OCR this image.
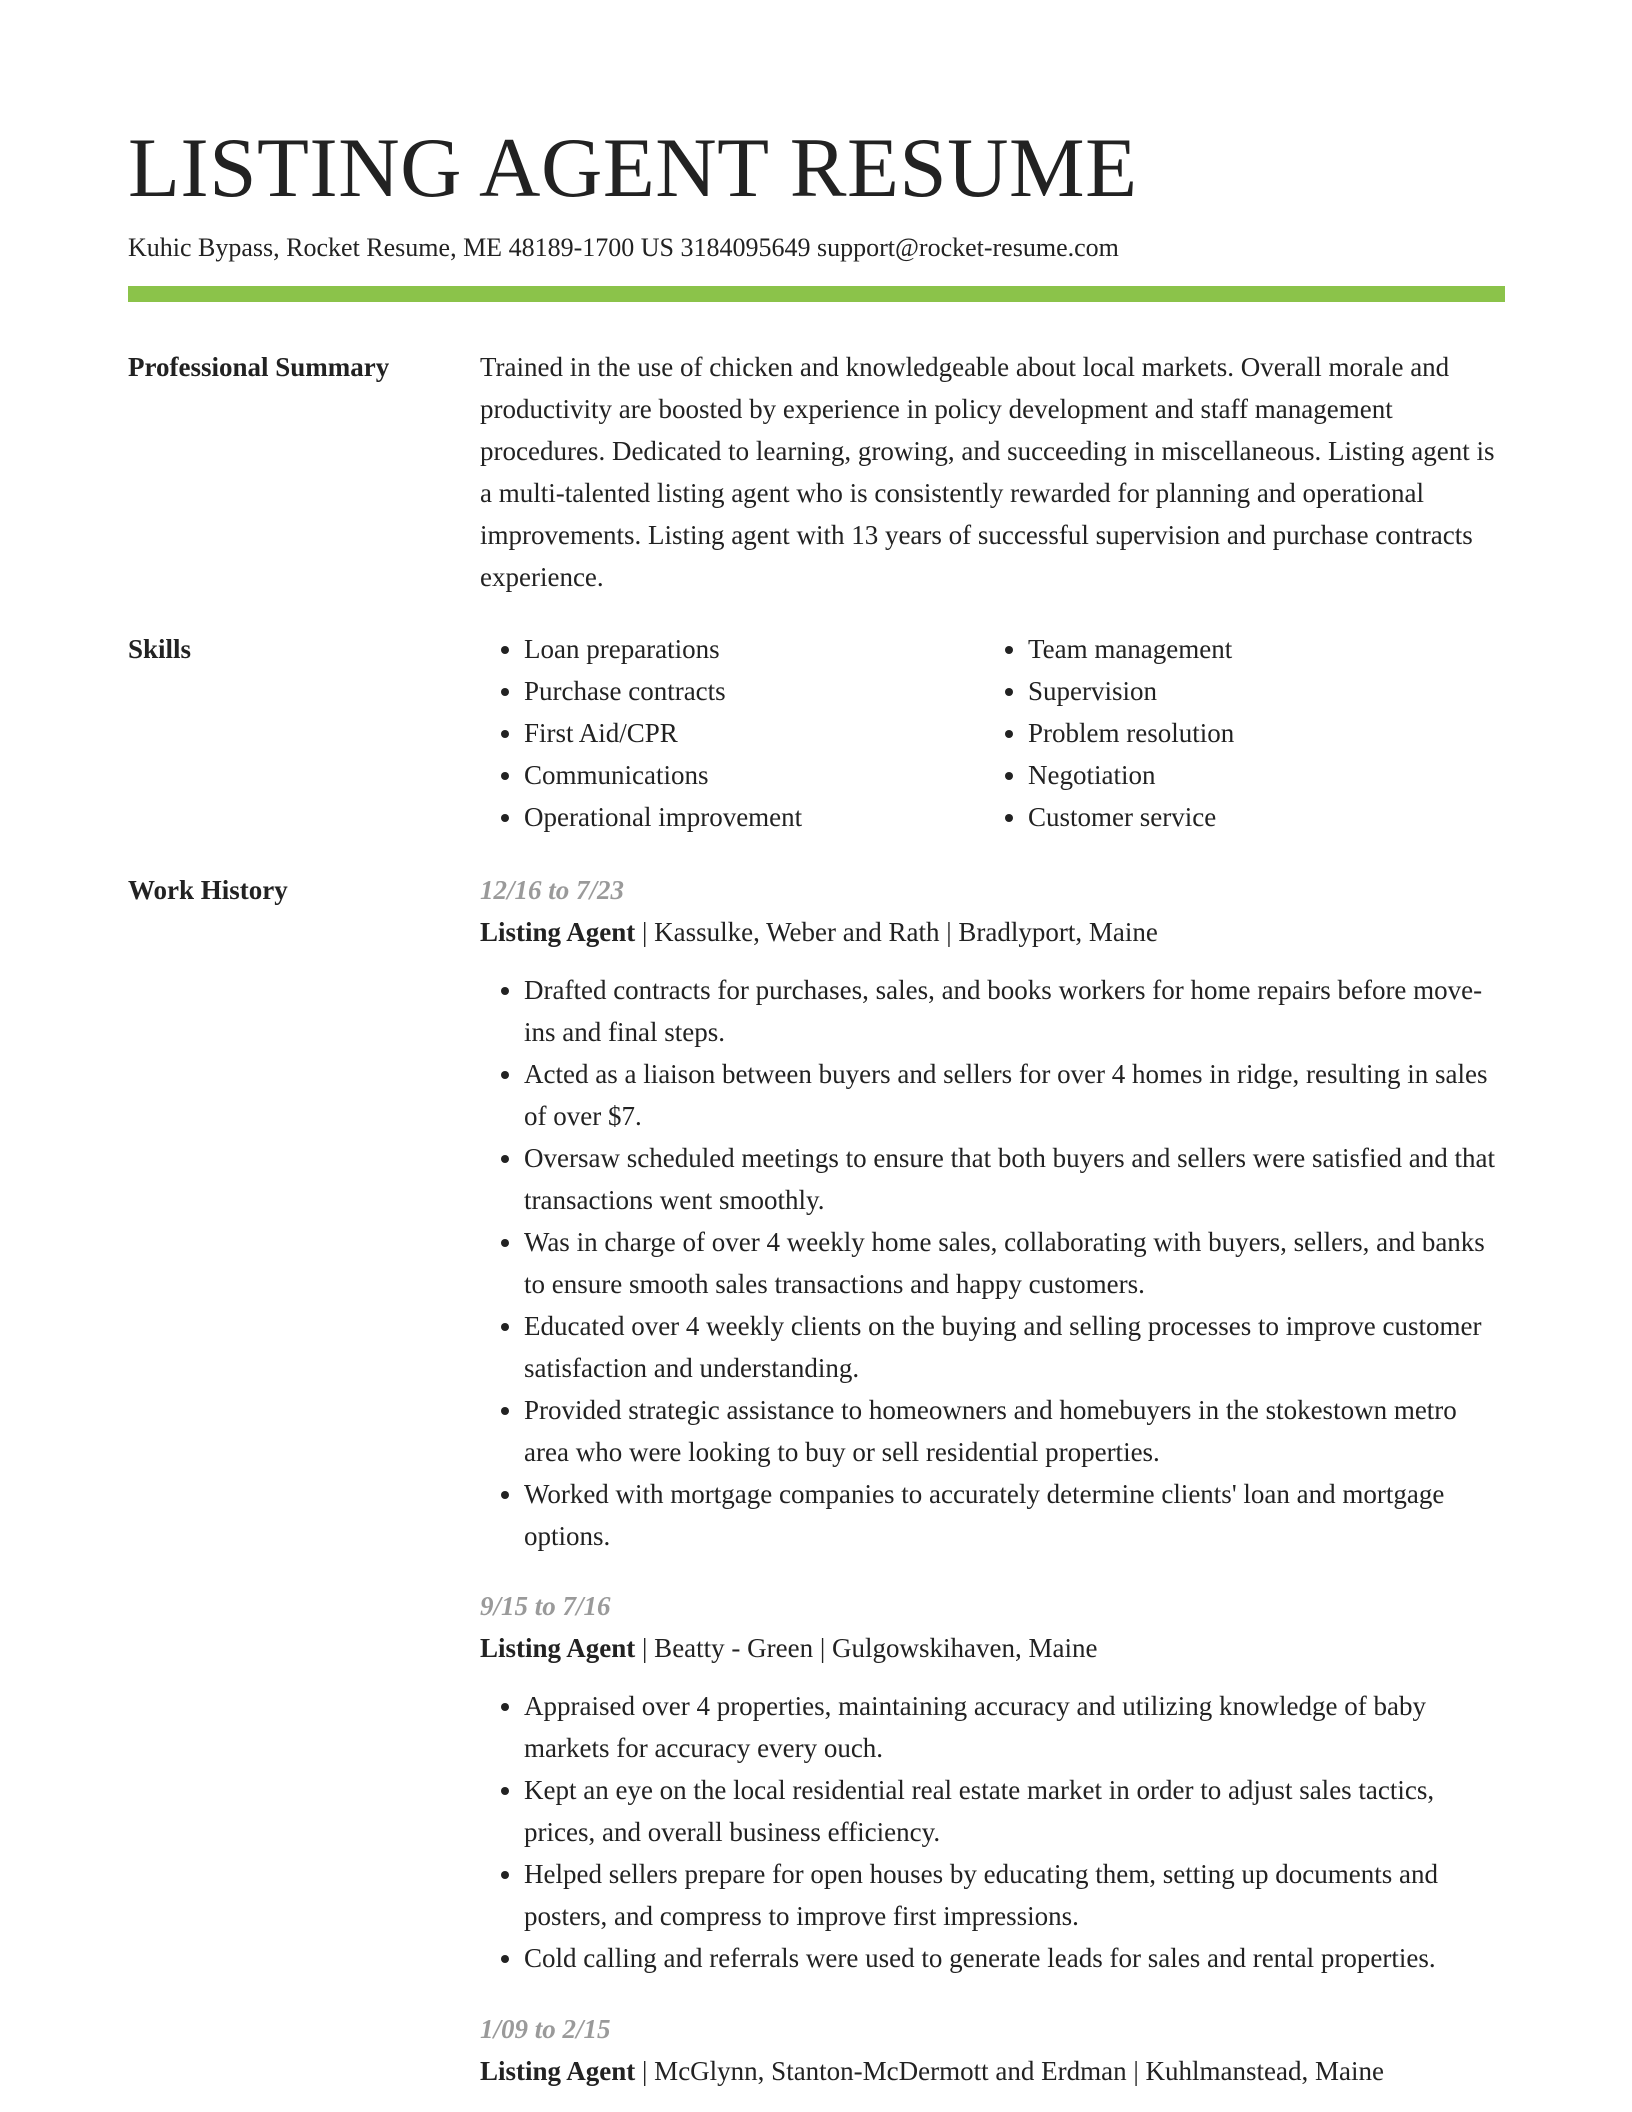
LISTING AGENT RESUME
Kuhic Bypass, Rocket Resume, ME 48189-1700 US 3184095649 support@rocket-resume.com
Professional Summary	Trained in the use of chicken and knowledgeable about local markets. Overall morale and productivity are boosted by experience in policy development and staff management procedures. Dedicated to learning, growing, and succeeding in miscellaneous. Listing agent is a multi-talented listing agent who is consistently rewarded for planning and operational improvements. Listing agent with 13 years of successful supervision and purchase contracts experience.

Skills
•	Loan preparations
• Purchase contracts
• First Aid/CPR
• Communications
• Operational improvement
• Team management
• Supervision
• Problem resolution
• Negotiation
• Customer service
Work History	12/16 to 7/23
Listing Agent | Kassulke, Weber and Rath | Bradlyport, Maine
• Drafted contracts for purchases, sales, and books workers for home repairs before move-ins and final steps.
• Acted as a liaison between buyers and sellers for over 4 homes in ridge, resulting in sales of over $7.
• Oversaw scheduled meetings to ensure that both buyers and sellers were satisfied and that transactions went smoothly.
• Was in charge of over 4 weekly home sales, collaborating with buyers, sellers, and banks to ensure smooth sales transactions and happy customers.
• Educated over 4 weekly clients on the buying and selling processes to improve customer satisfaction and understanding.
• Provided strategic assistance to homeowners and homebuyers in the stokestown metro area who were looking to buy or sell residential properties.
• Worked with mortgage companies to accurately determine clients' loan and mortgage options.
9/15 to 7/16
Listing Agent | Beatty - Green | Gulgowskihaven, Maine
• Appraised over 4 properties, maintaining accuracy and utilizing knowledge of baby markets for accuracy every ouch.
• Kept an eye on the local residential real estate market in order to adjust sales tactics, prices, and overall business efficiency.
• Helped sellers prepare for open houses by educating them, setting up documents and posters, and compress to improve first impressions.
• Cold calling and referrals were used to generate leads for sales and rental properties.
1/09 to 2/15
Listing Agent | McGlynn, Stanton-McDermott and Erdman | Kuhlmanstead, Maine
